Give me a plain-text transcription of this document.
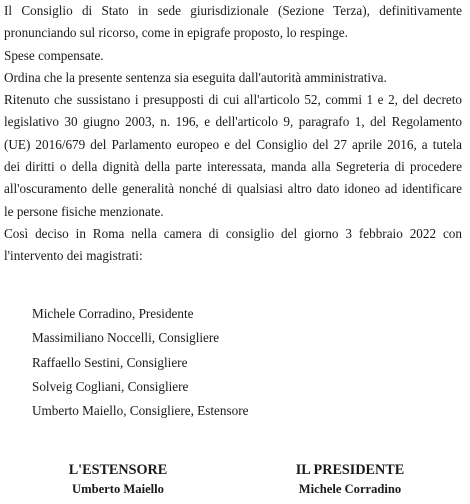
Il Consiglio di Stato in sede giurisdizionale (Sezione Terza), definitivamente
pronunciando sul ricorso, come in epigrafe proposto, lo respinge.

Spese compensate.

Ordina che la presente sentenza sia eseguita dall'autorità amministrativa.

Ritenuto che sussistano i presupposti di cui all'articolo 52, commi 1 e 2, del decreto
legislativo 30 giugno 2003, n. 196, e dell'articolo 9, paragrafo 1, del Regolamento
(UE) 2016/679 del Parlamento europeo e del Consiglio del 27 aprile 2016, a tutela
dei diritti o della dignità della parte interessata, manda alla Segreteria di procedere
all'oscuramento delle generalità nonché di qualsiasi altro dato idoneo ad identificare
le persone fisiche menzionate.

Così deciso in Roma nella camera di consiglio del giorno 3 febbraio 2022 con
l'intervento dei magistrati:

Michele Corradino, Presidente
Massimiliano Noccelli, Consigliere
Raffaello Sestini, Consigliere
Solveig Cogliani, Consigliere
Umberto Maiello, Consigliere, Estensore
L'ESTENSORE
Umberto Maiello
IL PRESIDENTE
Michele Corradino
